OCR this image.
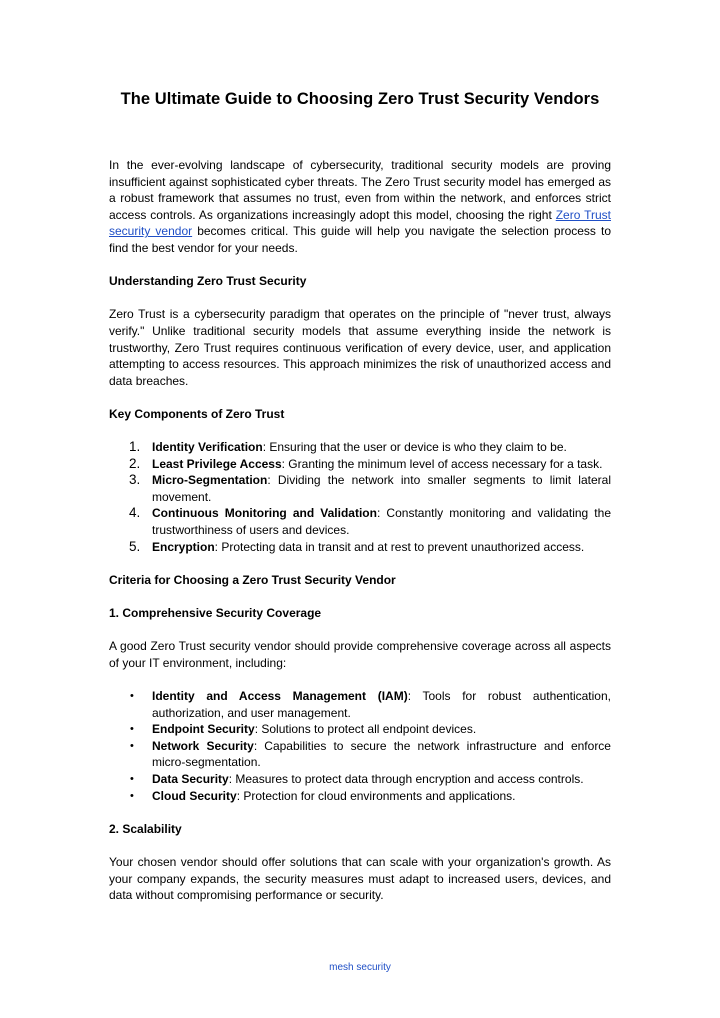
The Ultimate Guide to Choosing Zero Trust Security Vendors

In the ever-evolving landscape of cybersecurity, traditional security models are proving insufficient against sophisticated cyber threats. The Zero Trust security model has emerged as a robust framework that assumes no trust, even from within the network, and enforces strict access controls. As organizations increasingly adopt this model, choosing the right Zero Trust security vendor becomes critical. This guide will help you navigate the selection process to find the best vendor for your needs.

Understanding Zero Trust Security

Zero Trust is a cybersecurity paradigm that operates on the principle of "never trust, always verify." Unlike traditional security models that assume everything inside the network is trustworthy, Zero Trust requires continuous verification of every device, user, and application attempting to access resources. This approach minimizes the risk of unauthorized access and data breaches.

Key Components of Zero Trust
1. Identity Verification: Ensuring that the user or device is who they claim to be.
2. Least Privilege Access: Granting the minimum level of access necessary for a task.
3. Micro-Segmentation: Dividing the network into smaller segments to limit lateral movement.
4. Continuous Monitoring and Validation: Constantly monitoring and validating the trustworthiness of users and devices.
5. Encryption: Protecting data in transit and at rest to prevent unauthorized access.
Criteria for Choosing a Zero Trust Security Vendor
1. Comprehensive Security Coverage

A good Zero Trust security vendor should provide comprehensive coverage across all aspects of your IT environment, including:

• Identity and Access Management (IAM): Tools for robust authentication, authorization, and user management.
• Endpoint Security: Solutions to protect all endpoint devices.
• Network Security: Capabilities to secure the network infrastructure and enforce micro-segmentation.
• Data Security: Measures to protect data through encryption and access controls.
• Cloud Security: Protection for cloud environments and applications.
2. Scalability

Your chosen vendor should offer solutions that can scale with your organization's growth. As your company expands, the security measures must adapt to increased users, devices, and data without compromising performance or security.

mesh security
